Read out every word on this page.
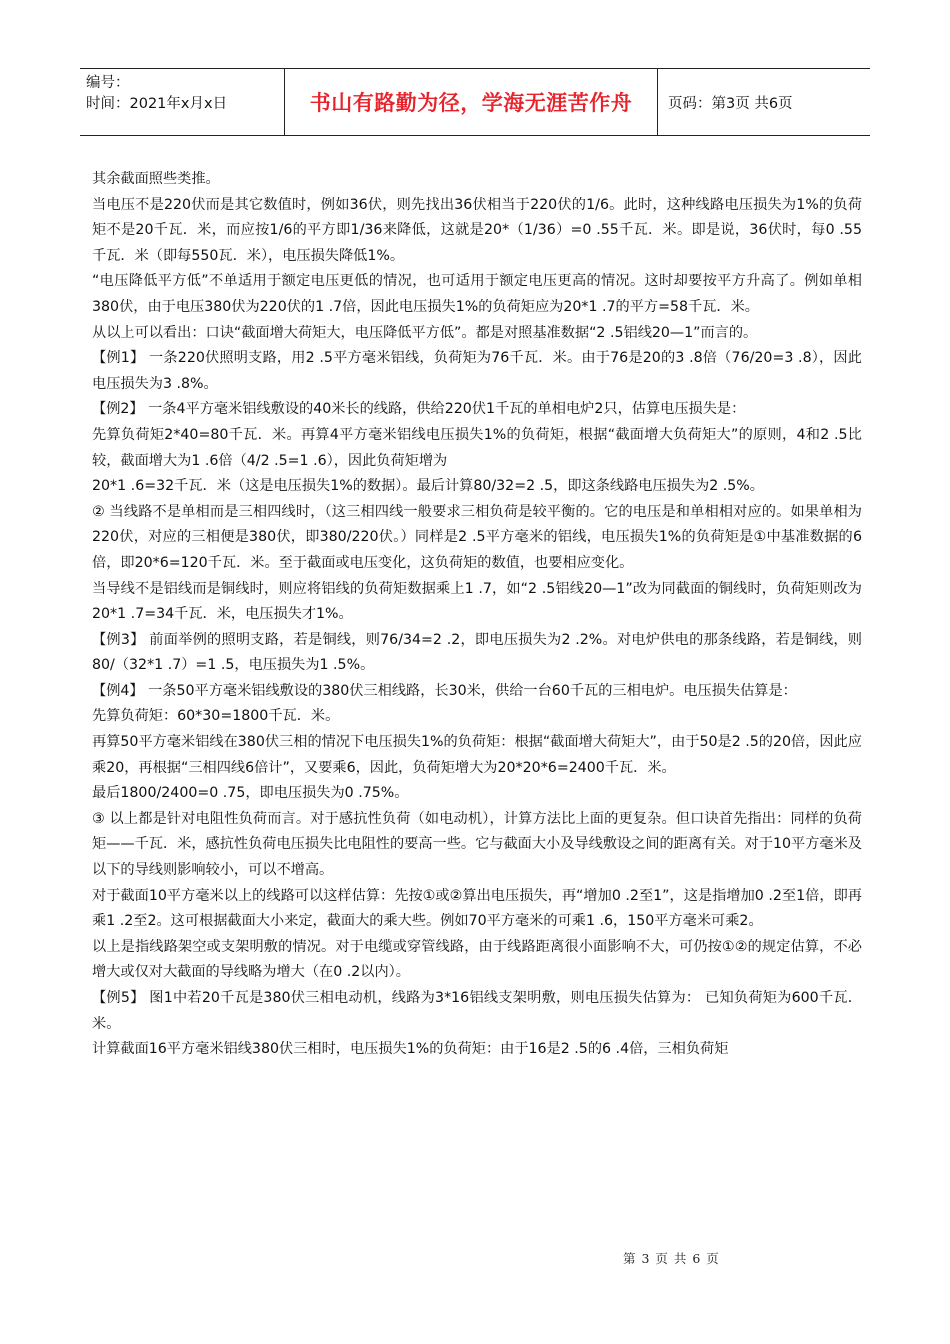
编号：
时间：2021年x月x日	书山有路勤为径，学海无涯苦作舟	页码：第3页 共6页

其余截面照些类推。

当电压不是220伏而是其它数值时，例如36伏，则先找出36伏相当于220伏的1/6。此时，这种线路电压损失为1%的负荷矩不是20千瓦．米，而应按1/6的平方即1/36来降低，这就是20*（1/36）=0 .55千瓦．米。即是说，36伏时，每0 .55千瓦．米（即每550瓦．米），电压损失降低1%。

“电压降低平方低”不单适用于额定电压更低的情况，也可适用于额定电压更高的情况。这时却要按平方升高了。例如单相380伏，由于电压380伏为220伏的1 .7倍，因此电压损失1%的负荷矩应为20*1 .7的平方=58千瓦．米。

从以上可以看出：口诀“截面增大荷矩大，电压降低平方低”。都是对照基准数据“2 .5铝线20—1”而言的。

【例1】 一条220伏照明支路，用2 .5平方毫米铝线，负荷矩为76千瓦．米。由于76是20的3 .8倍（76/20=3 .8），因此电压损失为3 .8%。

【例2】 一条4平方毫米铝线敷设的40米长的线路，供给220伏1千瓦的单相电炉2只，估算电压损失是：

先算负荷矩2*40=80千瓦．米。再算4平方毫米铝线电压损失1%的负荷矩，根据“截面增大负荷矩大”的原则，4和2 .5比较，截面增大为1 .6倍（4/2 .5=1 .6），因此负荷矩增为

20*1 .6=32千瓦．米（这是电压损失1%的数据）。最后计算80/32=2 .5，即这条线路电压损失为2 .5%。

② 当线路不是单相而是三相四线时，（这三相四线一般要求三相负荷是较平衡的。它的电压是和单相相对应的。如果单相为220伏，对应的三相便是380伏，即380/220伏。）同样是2 .5平方毫米的铝线，电压损失1%的负荷矩是①中基准数据的6倍，即20*6=120千瓦．米。至于截面或电压变化，这负荷矩的数值，也要相应变化。

当导线不是铝线而是铜线时，则应将铝线的负荷矩数据乘上1 .7，如“2 .5铝线20—1”改为同截面的铜线时，负荷矩则改为20*1 .7=34千瓦．米，电压损失才1%。

【例3】 前面举例的照明支路，若是铜线，则76/34=2 .2，即电压损失为2 .2%。对电炉供电的那条线路，若是铜线，则80/（32*1 .7）=1 .5，电压损失为1 .5%。

【例4】 一条50平方毫米铝线敷设的380伏三相线路，长30米，供给一台60千瓦的三相电炉。电压损失估算是：

先算负荷矩：60*30=1800千瓦．米。

再算50平方毫米铝线在380伏三相的情况下电压损失1%的负荷矩：根据“截面增大荷矩大”，由于50是2 .5的20倍，因此应乘20，再根据“三相四线6倍计”，又要乘6，因此，负荷矩增大为20*20*6=2400千瓦．米。

最后1800/2400=0 .75，即电压损失为0 .75%。

③ 以上都是针对电阻性负荷而言。对于感抗性负荷（如电动机），计算方法比上面的更复杂。但口诀首先指出：同样的负荷矩——千瓦．米，感抗性负荷电压损失比电阻性的要高一些。它与截面大小及导线敷设之间的距离有关。对于10平方毫米及以下的导线则影响较小，可以不增高。

对于截面10平方毫米以上的线路可以这样估算：先按①或②算出电压损失，再“增加0 .2至1”，这是指增加0 .2至1倍，即再乘1 .2至2。这可根据截面大小来定，截面大的乘大些。例如70平方毫米的可乘1 .6，150平方毫米可乘2。

以上是指线路架空或支架明敷的情况。对于电缆或穿管线路，由于线路距离很小面影响不大，可仍按①②的规定估算，不必增大或仅对大截面的导线略为增大（在0 .2以内）。

【例5】 图1中若20千瓦是380伏三相电动机，线路为3*16铝线支架明敷，则电压损失估算为： 已知负荷矩为600千瓦．米。

计算截面16平方毫米铝线380伏三相时，电压损失1%的负荷矩：由于16是2 .5的6 .4倍，三相负荷矩

第 3 页 共 6 页
